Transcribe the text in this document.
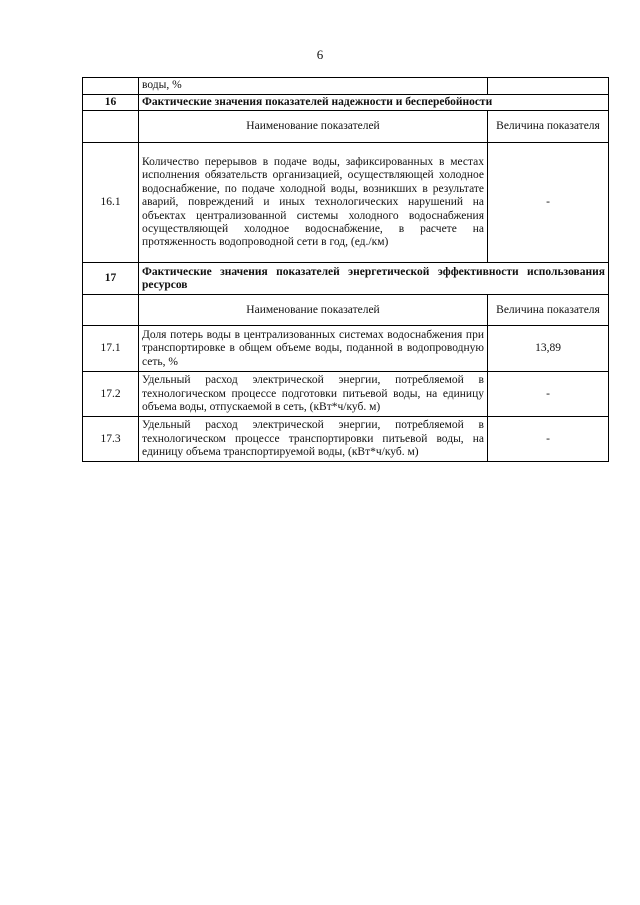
6
	воды, %	
16	Фактические значения показателей надежности и бесперебойности	
	Наименование показателей	Величина показателя
16.1	Количество перерывов в подаче воды, зафиксированных в местах исполнения обязательств организацией, осуществляющей холодное водоснабжение, по подаче холодной воды, возникших в результате аварий, повреждений и иных технологических нарушений на объектах централизованной системы холодного водоснабжения осуществляющей холодное водоснабжение, в расчете на протяженность водопроводной сети в год, (ед./км)	-
17	Фактические значения показателей энергетической эффективности использования ресурсов	
	Наименование показателей	Величина показателя
17.1	Доля потерь воды в централизованных системах водоснабжения при транспортировке в общем объеме воды, поданной в водопроводную сеть, %	13,89
17.2	Удельный расход электрической энергии, потребляемой в технологическом процессе подготовки питьевой воды, на единицу объема воды, отпускаемой в сеть, (кВт*ч/куб. м)	-
17.3	Удельный расход электрической энергии, потребляемой в технологическом процессе транспортировки питьевой воды, на единицу объема транспортируемой воды, (кВт*ч/куб. м)	-
